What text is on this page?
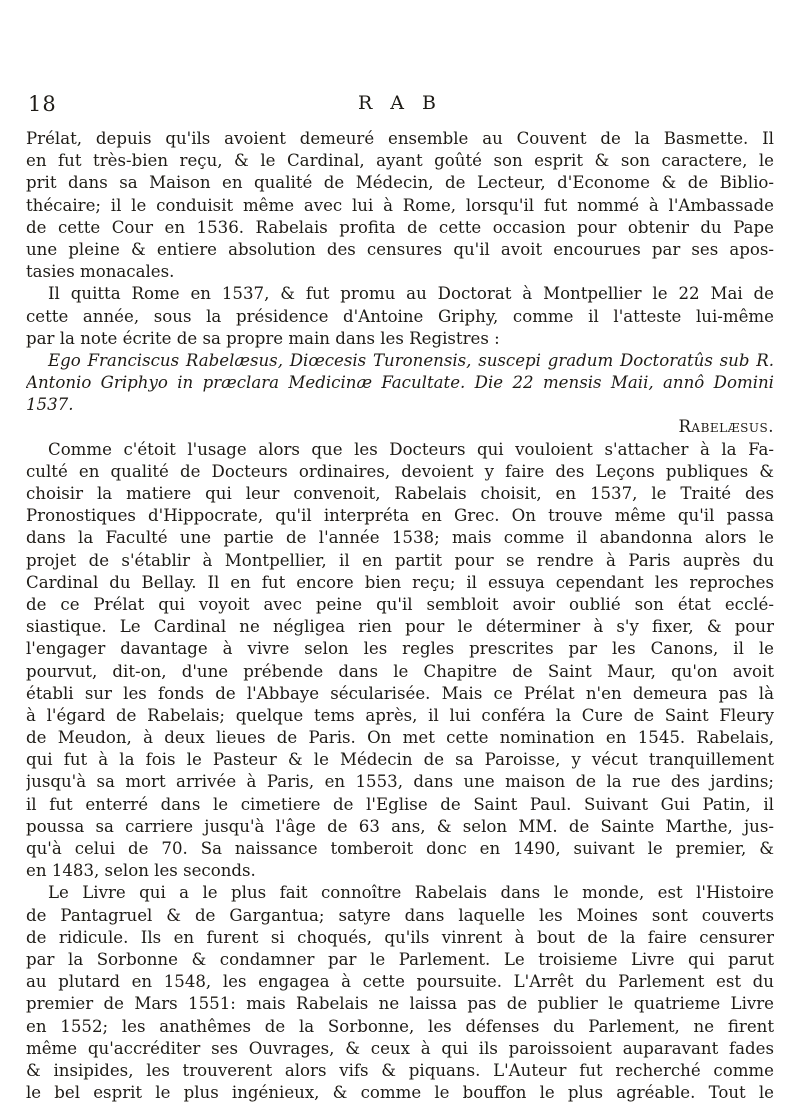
18	R A B
Prélat, depuis qu'ils avoient demeuré ensemble au Couvent de la Basmette. Il
en fut très-bien reçu, & le Cardinal, ayant goûté son esprit & son caractere, le
prit dans sa Maison en qualité de Médecin, de Lecteur, d'Econome & de Biblio-
thécaire; il le conduisit même avec lui à Rome, lorsqu'il fut nommé à l'Ambassade
de cette Cour en 1536. Rabelais profita de cette occasion pour obtenir du Pape
une pleine & entiere absolution des censures qu'il avoit encourues par ses apos-
tasies monacales.
Il quitta Rome en 1537, & fut promu au Doctorat à Montpellier le 22 Mai de
cette année, sous la présidence d'Antoine Griphy, comme il l'atteste lui-même
par la note écrite de sa propre main dans les Registres :
Ego Franciscus Rabelæsus, Diœcesis Turonensis, suscepi gradum Doctoratûs sub R.
Antonio Griphyo in præclara Medicinæ Facultate. Die 22 mensis Maii, annô Domini
1537.
Rabelæsus.
Comme c'étoit l'usage alors que les Docteurs qui vouloient s'attacher à la Fa-
culté en qualité de Docteurs ordinaires, devoient y faire des Leçons publiques &
choisir la matiere qui leur convenoit, Rabelais choisit, en 1537, le Traité des
Pronostiques d'Hippocrate, qu'il interpréta en Grec. On trouve même qu'il passa
dans la Faculté une partie de l'année 1538; mais comme il abandonna alors le
projet de s'établir à Montpellier, il en partit pour se rendre à Paris auprès du
Cardinal du Bellay. Il en fut encore bien reçu; il essuya cependant les reproches
de ce Prélat qui voyoit avec peine qu'il sembloit avoir oublié son état ecclé-
siastique. Le Cardinal ne négligea rien pour le déterminer à s'y fixer, & pour
l'engager davantage à vivre selon les regles prescrites par les Canons, il le
pourvut, dit-on, d'une prébende dans le Chapitre de Saint Maur, qu'on avoit
établi sur les fonds de l'Abbaye sécularisée. Mais ce Prélat n'en demeura pas là
à l'égard de Rabelais; quelque tems après, il lui conféra la Cure de Saint Fleury
de Meudon, à deux lieues de Paris. On met cette nomination en 1545. Rabelais,
qui fut à la fois le Pasteur & le Médecin de sa Paroisse, y vécut tranquillement
jusqu'à sa mort arrivée à Paris, en 1553, dans une maison de la rue des jardins;
il fut enterré dans le cimetiere de l'Eglise de Saint Paul. Suivant Gui Patin, il
poussa sa carriere jusqu'à l'âge de 63 ans, & selon MM. de Sainte Marthe, jus-
qu'à celui de 70. Sa naissance tomberoit donc en 1490, suivant le premier, &
en 1483, selon les seconds.
Le Livre qui a le plus fait connoître Rabelais dans le monde, est l'Histoire
de Pantagruel & de Gargantua; satyre dans laquelle les Moines sont couverts
de ridicule. Ils en furent si choqués, qu'ils vinrent à bout de la faire censurer
par la Sorbonne & condamner par le Parlement. Le troisieme Livre qui parut
au plutard en 1548, les engagea à cette poursuite. L'Arrêt du Parlement est du
premier de Mars 1551: mais Rabelais ne laissa pas de publier le quatrieme Livre
en 1552; les anathêmes de la Sorbonne, les défenses du Parlement, ne firent
même qu'accréditer ses Ouvrages, & ceux à qui ils paroissoient auparavant fades
& insipides, les trouverent alors vifs & piquans. L'Auteur fut recherché comme
le bel esprit le plus ingénieux, & comme le bouffon le plus agréable. Tout le
